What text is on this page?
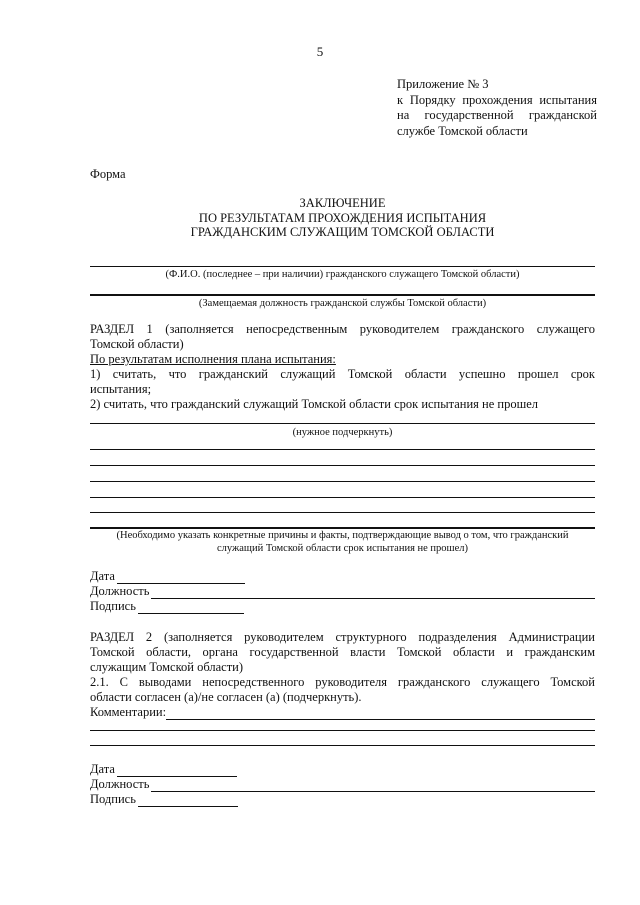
5
Приложение № 3
к Порядку прохождения испытания
на государственной гражданской
службе Томской области
Форма
ЗАКЛЮЧЕНИЕ
ПО РЕЗУЛЬТАТАМ ПРОХОЖДЕНИЯ ИСПЫТАНИЯ
ГРАЖДАНСКИМ СЛУЖАЩИМ ТОМСКОЙ ОБЛАСТИ
(Ф.И.О. (последнее – при наличии) гражданского служащего Томской области)
(Замещаемая должность гражданской службы Томской области)
РАЗДЕЛ 1 (заполняется непосредственным руководителем гражданского служащего
Томской области)
По результатам исполнения плана испытания:
1) считать, что гражданский служащий Томской области успешно прошел срок
испытания;
2) считать, что гражданский служащий Томской области срок испытания не прошел
(нужное подчеркнуть)
(Необходимо указать конкретные причины и факты, подтверждающие вывод о том, что гражданский
служащий Томской области срок испытания не прошел)
Дата
Должность
Подпись
РАЗДЕЛ 2 (заполняется руководителем структурного подразделения Администрации
Томской области, органа государственной власти Томской области и гражданским
служащим Томской области)
2.1. С выводами непосредственного руководителя гражданского служащего Томской
области согласен (а)/не согласен (а) (подчеркнуть).
Комментарии:
Дата
Должность
Подпись
